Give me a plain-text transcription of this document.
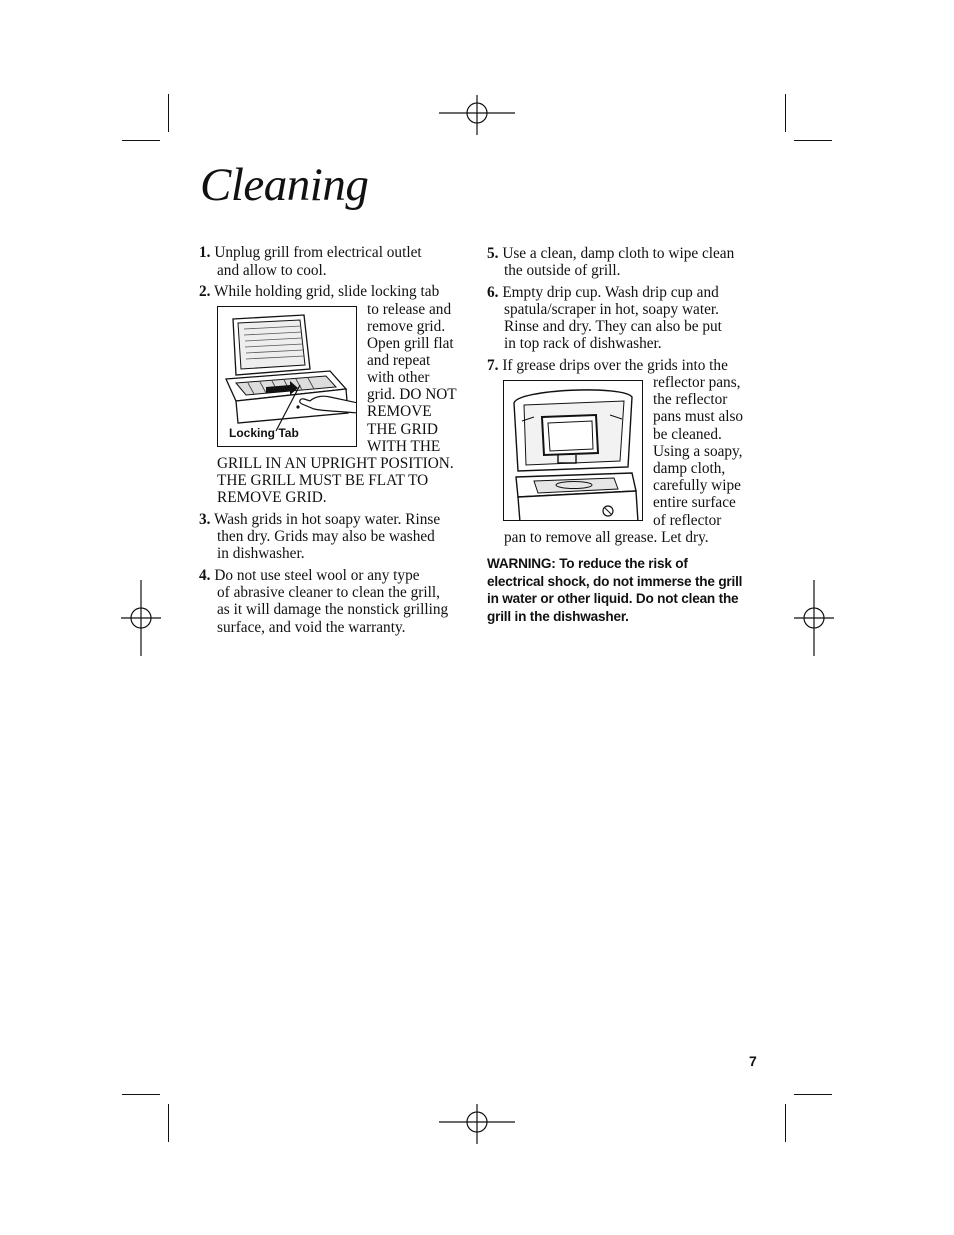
Cleaning
1. Unplug grill from electrical outlet
and allow to cool.
2. While holding grid, slide locking tab
Locking Tab
to release and
remove grid.
Open grill flat
and repeat
with other
grid. DO NOT
REMOVE
THE GRID
WITH THE
GRILL IN AN UPRIGHT POSITION.
THE GRILL MUST BE FLAT TO
REMOVE GRID.
3. Wash grids in hot soapy water. Rinse
then dry. Grids may also be washed
in dishwasher.
4. Do not use steel wool or any type
of abrasive cleaner to clean the grill,
as it will damage the nonstick grilling
surface, and void the warranty.
5. Use a clean, damp cloth to wipe clean
the outside of grill.
6. Empty drip cup. Wash drip cup and
spatula/scraper in hot, soapy water.
Rinse and dry. They can also be put
in top rack of dishwasher.
7. If grease drips over the grids into the
reflector pans,
the reflector
pans must also
be cleaned.
Using a soapy,
damp cloth,
carefully wipe
entire surface
of reflector
pan to remove all grease. Let dry.
WARNING: To reduce the risk of
electrical shock, do not immerse the grill
in water or other liquid. Do not clean the
grill in the dishwasher.
7
